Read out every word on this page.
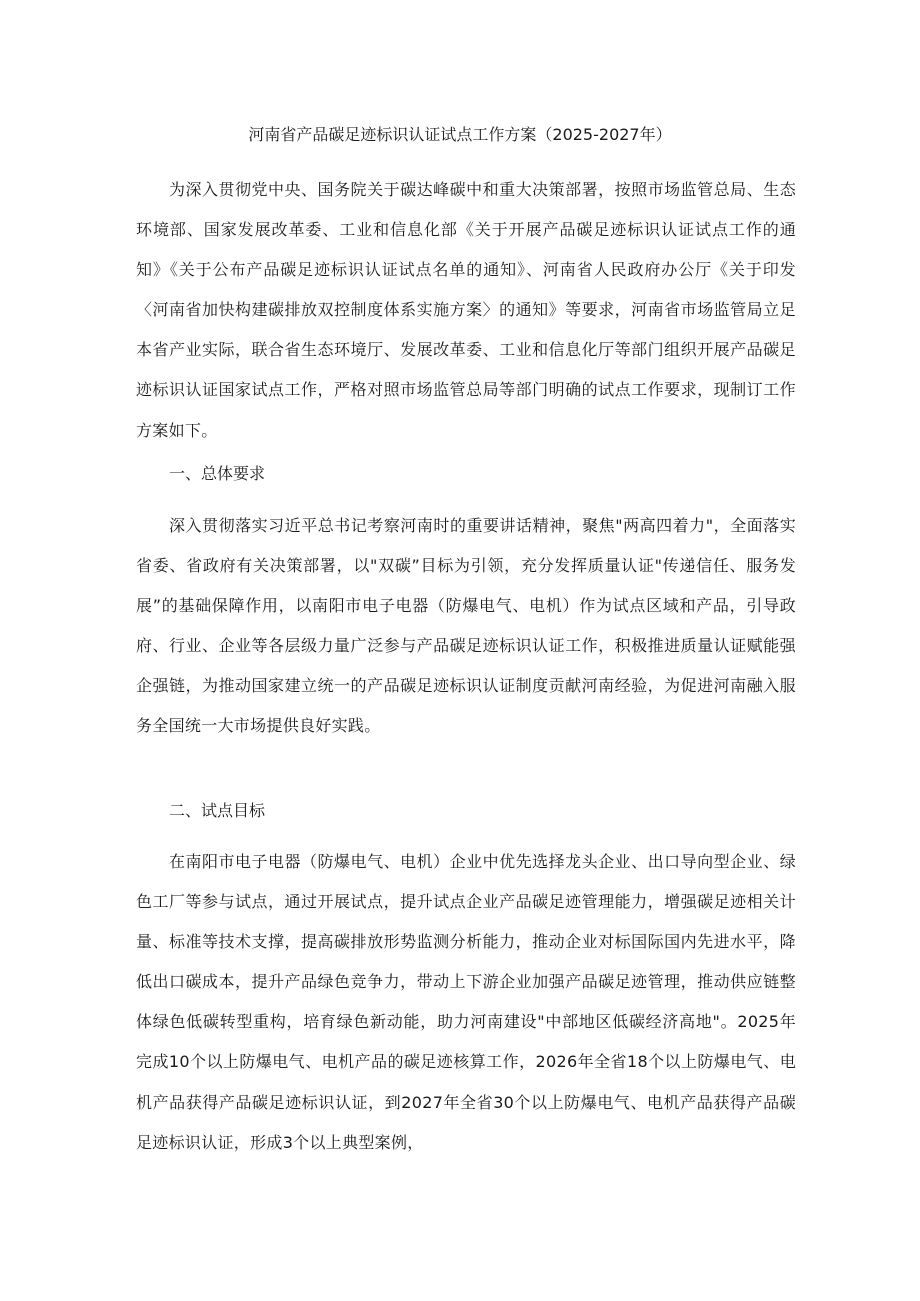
河南省产品碳足迹标识认证试点工作方案（2025-2027年）

为深入贯彻党中央、国务院关于碳达峰碳中和重大决策部署，按照市场监管总局、生态环境部、国家发展改革委、工业和信息化部《关于开展产品碳足迹标识认证试点工作的通知》《关于公布产品碳足迹标识认证试点名单的通知》、河南省人民政府办公厅《关于印发〈河南省加快构建碳排放双控制度体系实施方案〉的通知》等要求，河南省市场监管局立足本省产业实际，联合省生态环境厅、发展改革委、工业和信息化厅等部门组织开展产品碳足迹标识认证国家试点工作，严格对照市场监管总局等部门明确的试点工作要求，现制订工作方案如下。

一、总体要求

深入贯彻落实习近平总书记考察河南时的重要讲话精神，聚焦"两高四着力"，全面落实省委、省政府有关决策部署，以"双碳”目标为引领，充分发挥质量认证"传递信任、服务发展”的基础保障作用，以南阳市电子电器（防爆电气、电机）作为试点区域和产品，引导政府、行业、企业等各层级力量广泛参与产品碳足迹标识认证工作，积极推进质量认证赋能强企强链，为推动国家建立统一的产品碳足迹标识认证制度贡献河南经验，为促进河南融入服务全国统一大市场提供良好实践。

二、试点目标

在南阳市电子电器（防爆电气、电机）企业中优先选择龙头企业、出口导向型企业、绿色工厂等参与试点，通过开展试点，提升试点企业产品碳足迹管理能力，增强碳足迹相关计量、标准等技术支撑，提高碳排放形势监测分析能力，推动企业对标国际国内先进水平，降低出口碳成本，提升产品绿色竞争力，带动上下游企业加强产品碳足迹管理，推动供应链整体绿色低碳转型重构，培育绿色新动能，助力河南建设"中部地区低碳经济高地"。2025年完成10个以上防爆电气、电机产品的碳足迹核算工作，2026年全省18个以上防爆电气、电机产品获得产品碳足迹标识认证，到2027年全省30个以上防爆电气、电机产品获得产品碳足迹标识认证，形成3个以上典型案例，
